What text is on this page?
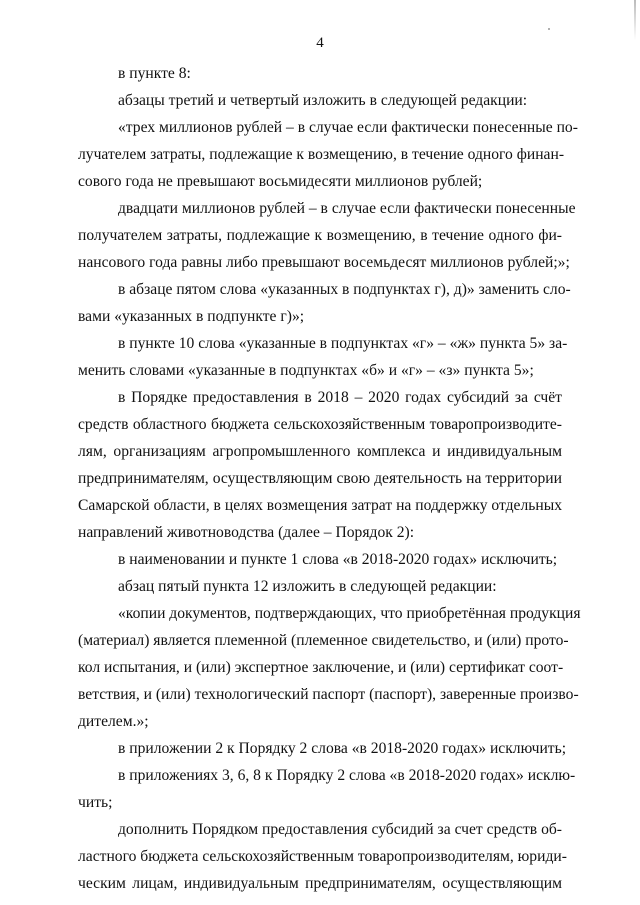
4
в пункте 8:
абзацы третий и четвертый изложить в следующей редакции:
«трех миллионов рублей – в случае если фактически понесенные по-
лучателем затраты, подлежащие к возмещению, в течение одного финан-
сового года не превышают восьмидесяти миллионов рублей;
двадцати миллионов рублей – в случае если фактически понесенные
получателем затраты, подлежащие к возмещению, в течение одного фи-
нансового года равны либо превышают восемьдесят миллионов рублей;»;
в абзаце пятом слова «указанных в подпунктах г), д)» заменить сло-
вами «указанных в подпункте г)»;
в пункте 10 слова «указанные в подпунктах «г» – «ж» пункта 5» за-
менить словами «указанные в подпунктах «б» и «г» – «з» пункта 5»;
в Порядке предоставления в 2018 – 2020 годах субсидий за счёт
средств областного бюджета сельскохозяйственным товаропроизводите-
лям, организациям агропромышленного комплекса и индивидуальным
предпринимателям, осуществляющим свою деятельность на территории
Самарской области, в целях возмещения затрат на поддержку отдельных
направлений животноводства (далее – Порядок 2):
в наименовании и пункте 1 слова «в 2018-2020 годах» исключить;
абзац пятый пункта 12 изложить в следующей редакции:
«копии документов, подтверждающих, что приобретённая продукция
(материал) является племенной (племенное свидетельство, и (или) прото-
кол испытания, и (или) экспертное заключение, и (или) сертификат соот-
ветствия, и (или) технологический паспорт (паспорт), заверенные произво-
дителем.»;
в приложении 2 к Порядку 2 слова «в 2018-2020 годах» исключить;
в приложениях 3, 6, 8 к Порядку 2 слова «в 2018-2020 годах» исклю-
чить;
дополнить Порядком предоставления субсидий за счет средств об-
ластного бюджета сельскохозяйственным товаропроизводителям, юриди-
ческим лицам, индивидуальным предпринимателям, осуществляющим
